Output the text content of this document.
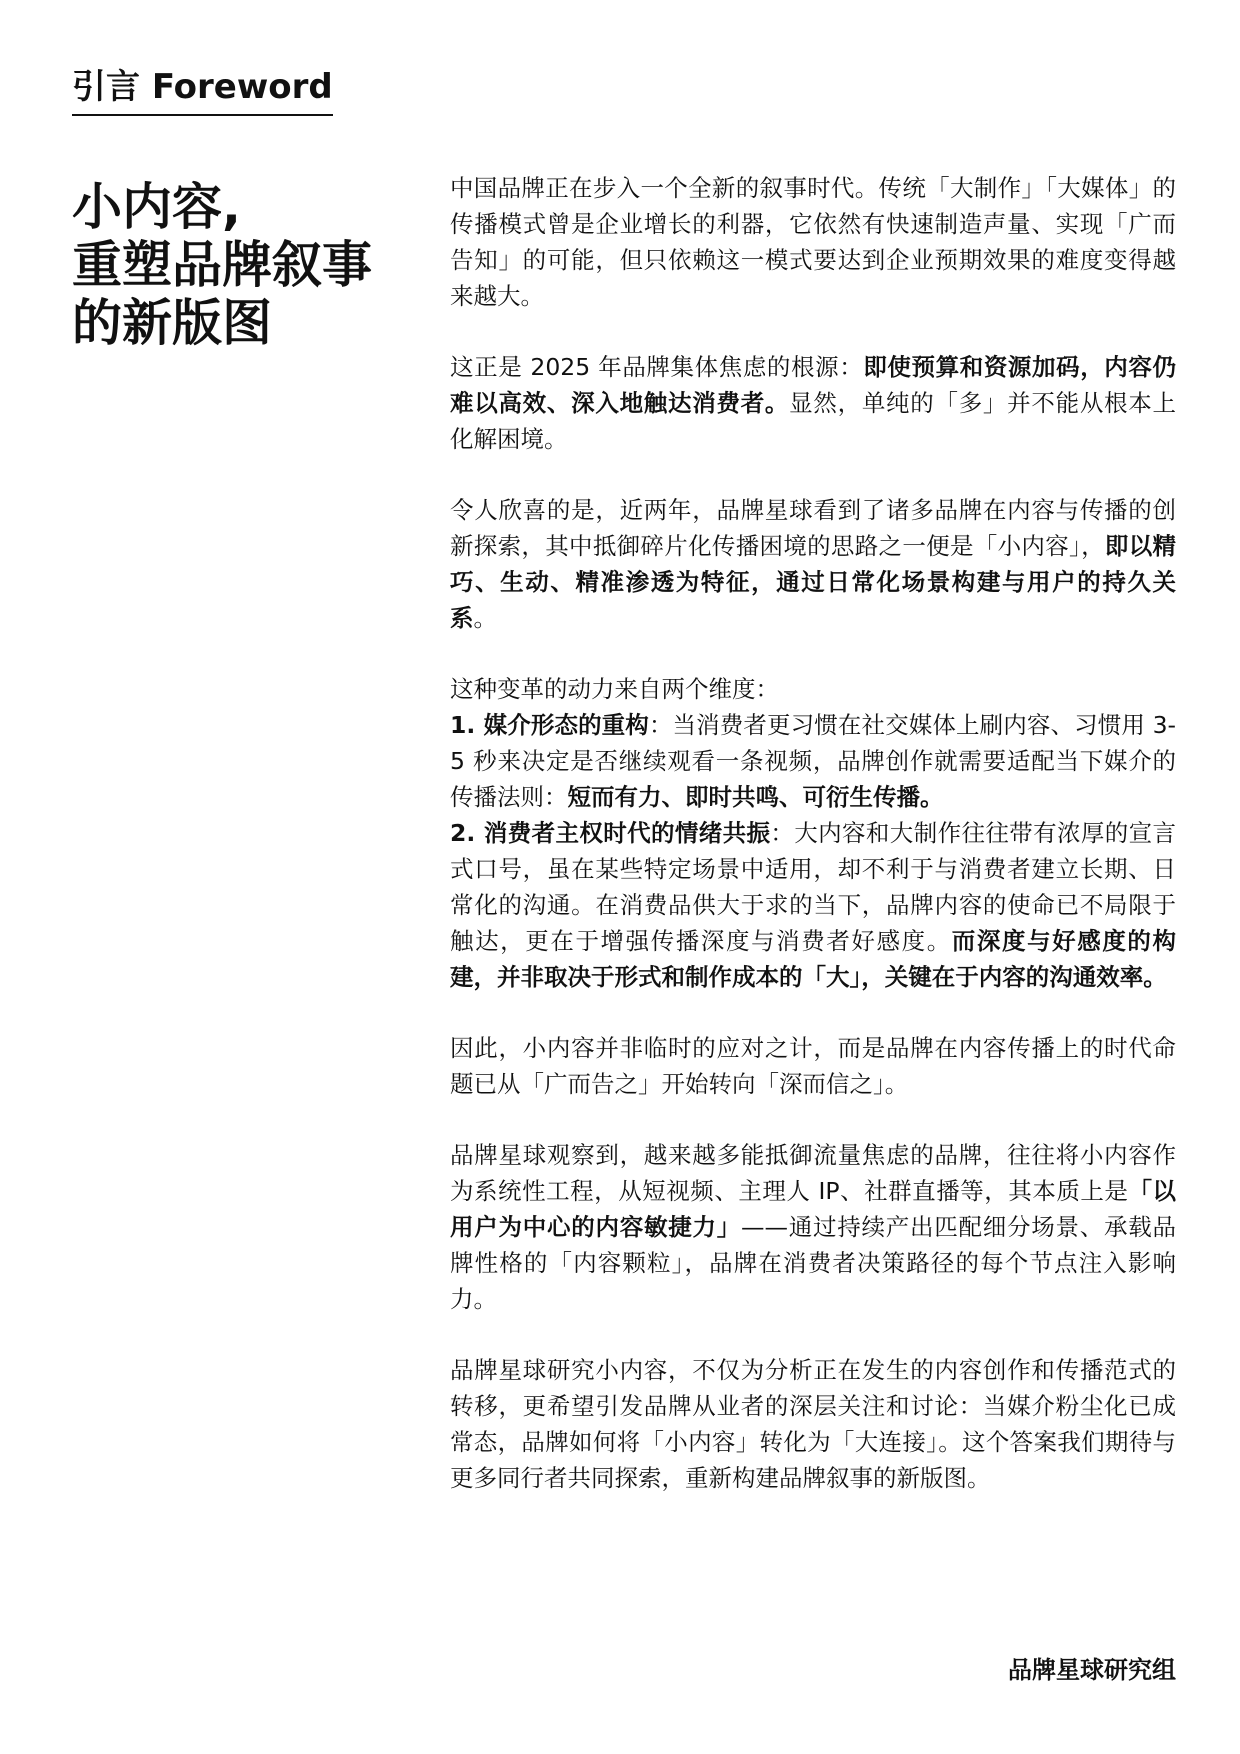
引言 Foreword
小内容,
重塑品牌叙事
的新版图

中国品牌正在步入一个全新的叙事时代。传统「大制作」「大媒体」的传播模式曾是企业增长的利器，它依然有快速制造声量、实现「广而告知」的可能，但只依赖这一模式要达到企业预期效果的难度变得越来越大。

这正是 2025 年品牌集体焦虑的根源：即使预算和资源加码，内容仍难以高效、深入地触达消费者。显然，单纯的「多」并不能从根本上化解困境。

令人欣喜的是，近两年，品牌星球看到了诸多品牌在内容与传播的创新探索，其中抵御碎片化传播困境的思路之一便是「小内容」，即以精巧、生动、精准渗透为特征，通过日常化场景构建与用户的持久关系。

这种变革的动力来自两个维度：

1. 媒介形态的重构：当消费者更习惯在社交媒体上刷内容、习惯用 3-5 秒来决定是否继续观看一条视频，品牌创作就需要适配当下媒介的传播法则：短而有力、即时共鸣、可衍生传播。

2. 消费者主权时代的情绪共振：大内容和大制作往往带有浓厚的宣言式口号，虽在某些特定场景中适用，却不利于与消费者建立长期、日常化的沟通。在消费品供大于求的当下，品牌内容的使命已不局限于触达，更在于增强传播深度与消费者好感度。而深度与好感度的构建，并非取决于形式和制作成本的「大」，关键在于内容的沟通效率。

因此，小内容并非临时的应对之计，而是品牌在内容传播上的时代命题已从「广而告之」开始转向「深而信之」。

品牌星球观察到，越来越多能抵御流量焦虑的品牌，往往将小内容作为系统性工程，从短视频、主理人 IP、社群直播等，其本质上是「以用户为中心的内容敏捷力」——通过持续产出匹配细分场景、承载品牌性格的「内容颗粒」，品牌在消费者决策路径的每个节点注入影响力。

品牌星球研究小内容，不仅为分析正在发生的内容创作和传播范式的转移，更希望引发品牌从业者的深层关注和讨论：当媒介粉尘化已成常态，品牌如何将「小内容」转化为「大连接」。这个答案我们期待与更多同行者共同探索，重新构建品牌叙事的新版图。

品牌星球研究组
